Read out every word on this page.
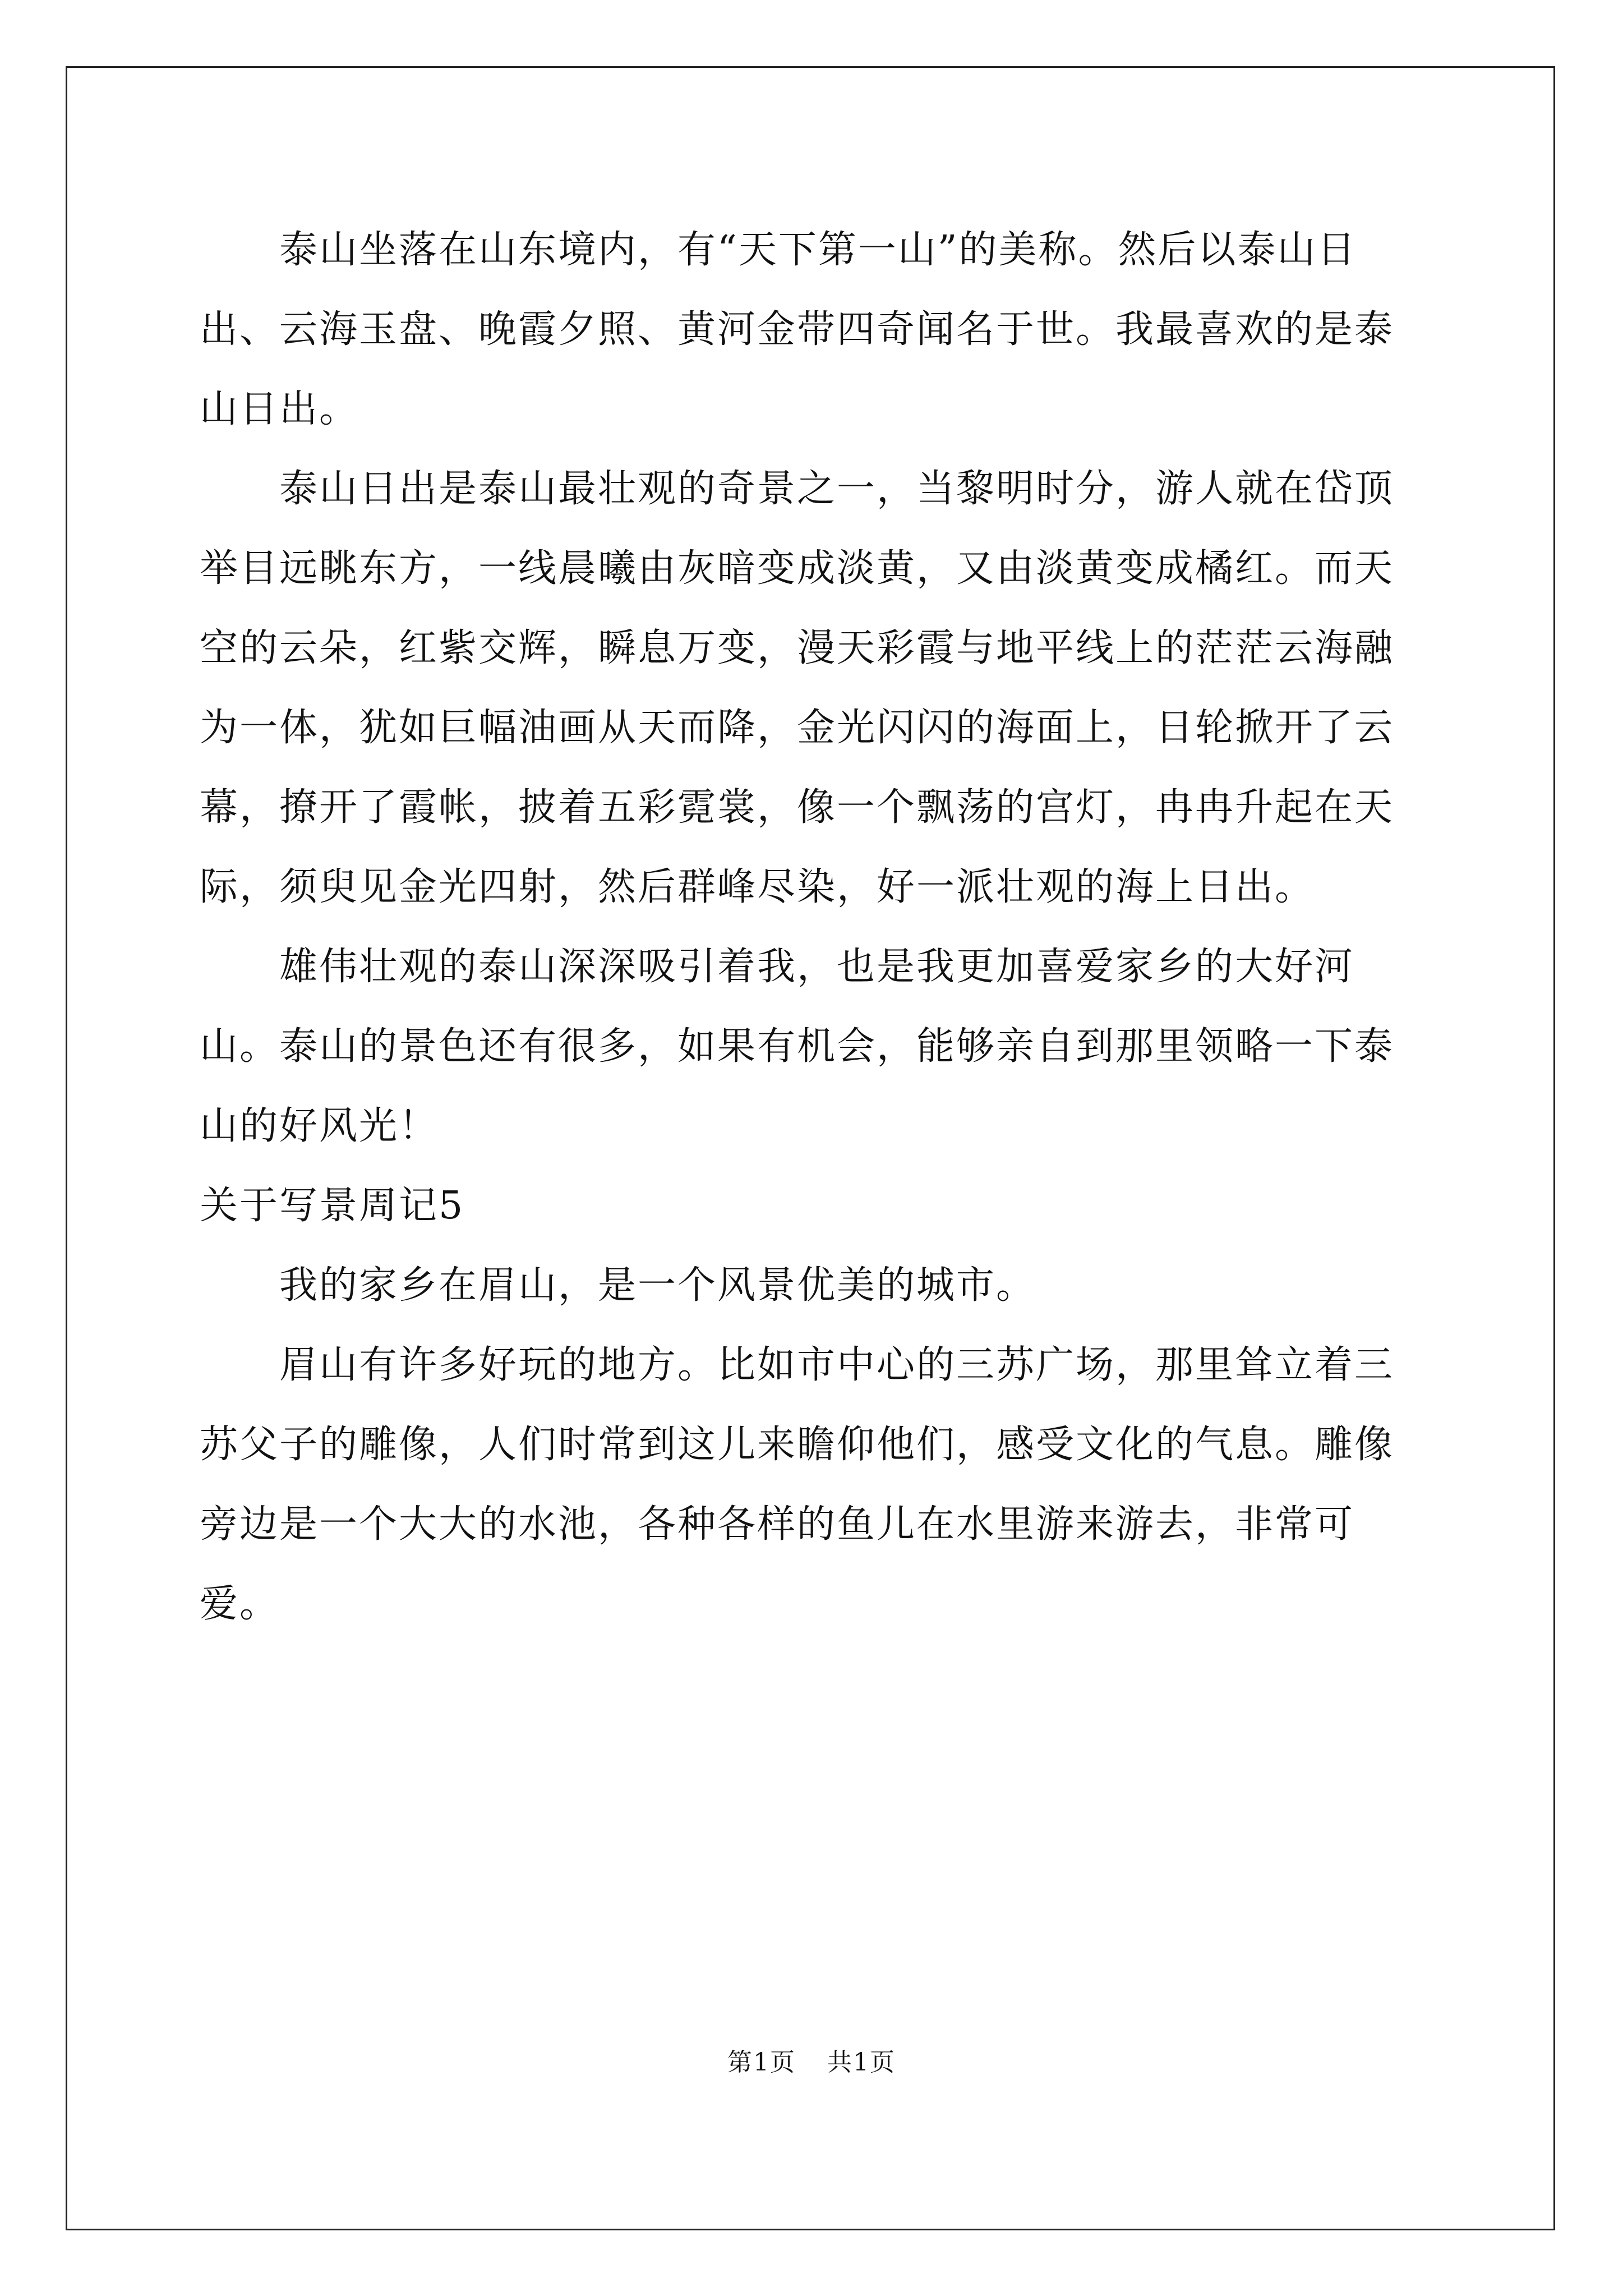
泰山坐落在山东境内，有“天下第一山”的美称。然后以泰山日出、云海玉盘、晚霞夕照、黄河金带四奇闻名于世。我最喜欢的是泰山日出。

泰山日出是泰山最壮观的奇景之一，当黎明时分，游人就在岱顶举目远眺东方，一线晨曦由灰暗变成淡黄，又由淡黄变成橘红。而天空的云朵，红紫交辉，瞬息万变，漫天彩霞与地平线上的茫茫云海融为一体，犹如巨幅油画从天而降，金光闪闪的海面上，日轮掀开了云幕，撩开了霞帐，披着五彩霓裳，像一个飘荡的宫灯，冉冉升起在天际，须臾见金光四射，然后群峰尽染，好一派壮观的海上日出。

雄伟壮观的泰山深深吸引着我，也是我更加喜爱家乡的大好河山。泰山的景色还有很多，如果有机会，能够亲自到那里领略一下泰山的好风光！

关于写景周记5

我的家乡在眉山，是一个风景优美的城市。

眉山有许多好玩的地方。比如市中心的三苏广场，那里耸立着三苏父子的雕像，人们时常到这儿来瞻仰他们，感受文化的气息。雕像旁边是一个大大的水池，各种各样的鱼儿在水里游来游去，非常可爱。

第1页 共1页
